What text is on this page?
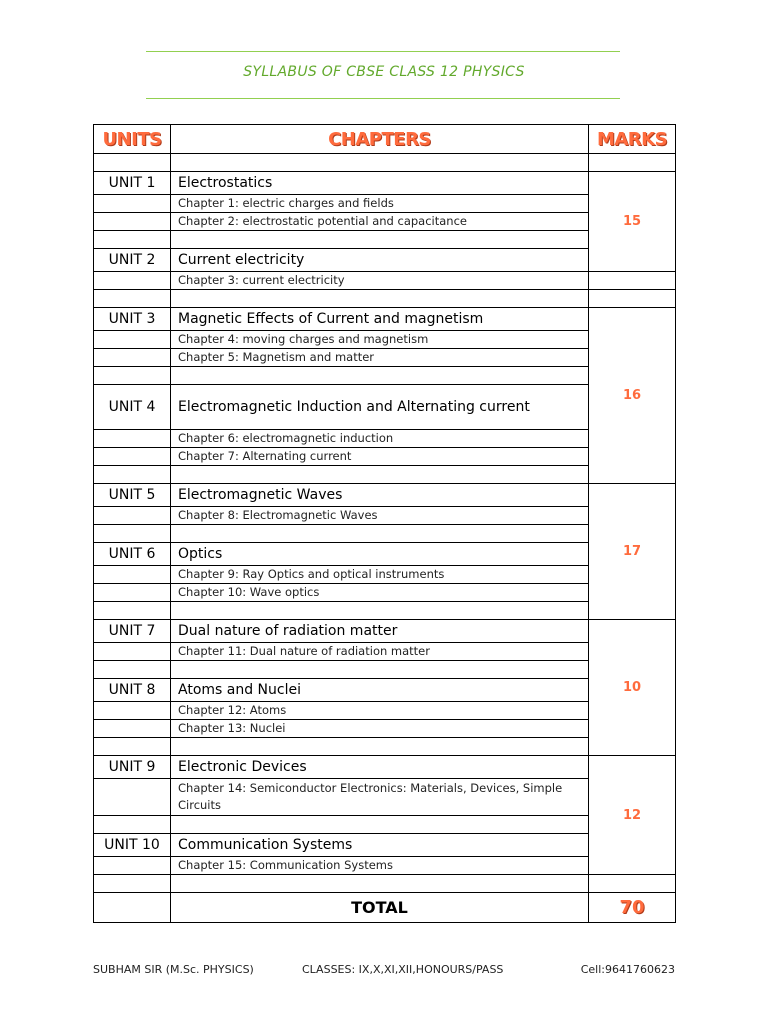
SYLLABUS OF CBSE CLASS 12 PHYSICS
UNITS	CHAPTERS	MARKS

UNIT 1	Electrostatics	15
	Chapter 1: electric charges and fields	
	Chapter 2: electrostatic potential and capacitance	

UNIT 2	Current electricity	
	Chapter 3: current electricity	

UNIT 3	Magnetic Effects of Current and magnetism	16
	Chapter 4: moving charges and magnetism	
	Chapter 5: Magnetism and matter	

UNIT 4	Electromagnetic Induction and Alternating current	
	Chapter 6: electromagnetic induction	
	Chapter 7: Alternating current	

UNIT 5	Electromagnetic Waves	17
	Chapter 8: Electromagnetic Waves	

UNIT 6	Optics	
	Chapter 9: Ray Optics and optical instruments	
	Chapter 10: Wave optics	

UNIT 7	Dual nature of radiation matter	10
	Chapter 11: Dual nature of radiation matter	

UNIT 8	Atoms and Nuclei	
	Chapter 12: Atoms	
	Chapter 13: Nuclei	

UNIT 9	Electronic Devices	12
	Chapter 14: Semiconductor Electronics: Materials, Devices, Simple Circuits	

UNIT 10	Communication Systems	
	Chapter 15: Communication Systems	

	TOTAL	70
SUBHAM SIR (M.Sc. PHYSICS)	CLASSES: IX,X,XI,XII,HONOURS/PASS	Cell:9641760623
